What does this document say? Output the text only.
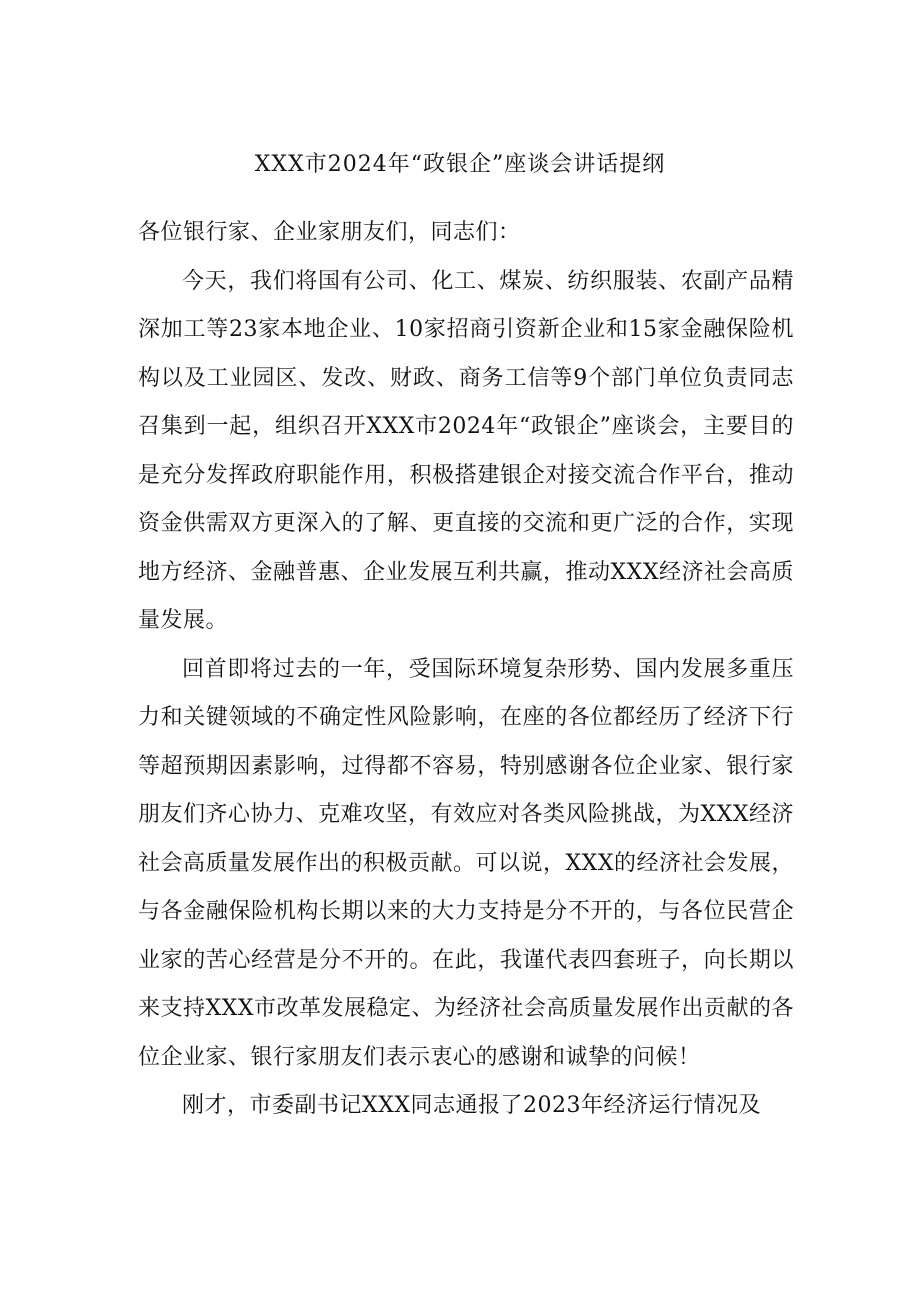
XXX市2024年“政银企”座谈会讲话提纲

各位银行家、企业家朋友们，同志们：

今天，我们将国有公司、化工、煤炭、纺织服装、农副产品精深加工等23家本地企业、10家招商引资新企业和15家金融保险机构以及工业园区、发改、财政、商务工信等9个部门单位负责同志召集到一起，组织召开XXX市2024年“政银企”座谈会，主要目的是充分发挥政府职能作用，积极搭建银企对接交流合作平台，推动资金供需双方更深入的了解、更直接的交流和更广泛的合作，实现地方经济、金融普惠、企业发展互利共赢，推动XXX经济社会高质量发展。

回首即将过去的一年，受国际环境复杂形势、国内发展多重压力和关键领域的不确定性风险影响，在座的各位都经历了经济下行等超预期因素影响，过得都不容易，特别感谢各位企业家、银行家朋友们齐心协力、克难攻坚，有效应对各类风险挑战，为XXX经济社会高质量发展作出的积极贡献。可以说，XXX的经济社会发展，与各金融保险机构长期以来的大力支持是分不开的，与各位民营企业家的苦心经营是分不开的。在此，我谨代表四套班子，向长期以来支持XXX市改革发展稳定、为经济社会高质量发展作出贡献的各位企业家、银行家朋友们表示衷心的感谢和诚挚的问候！

刚才，市委副书记XXX同志通报了2023年经济运行情况及
